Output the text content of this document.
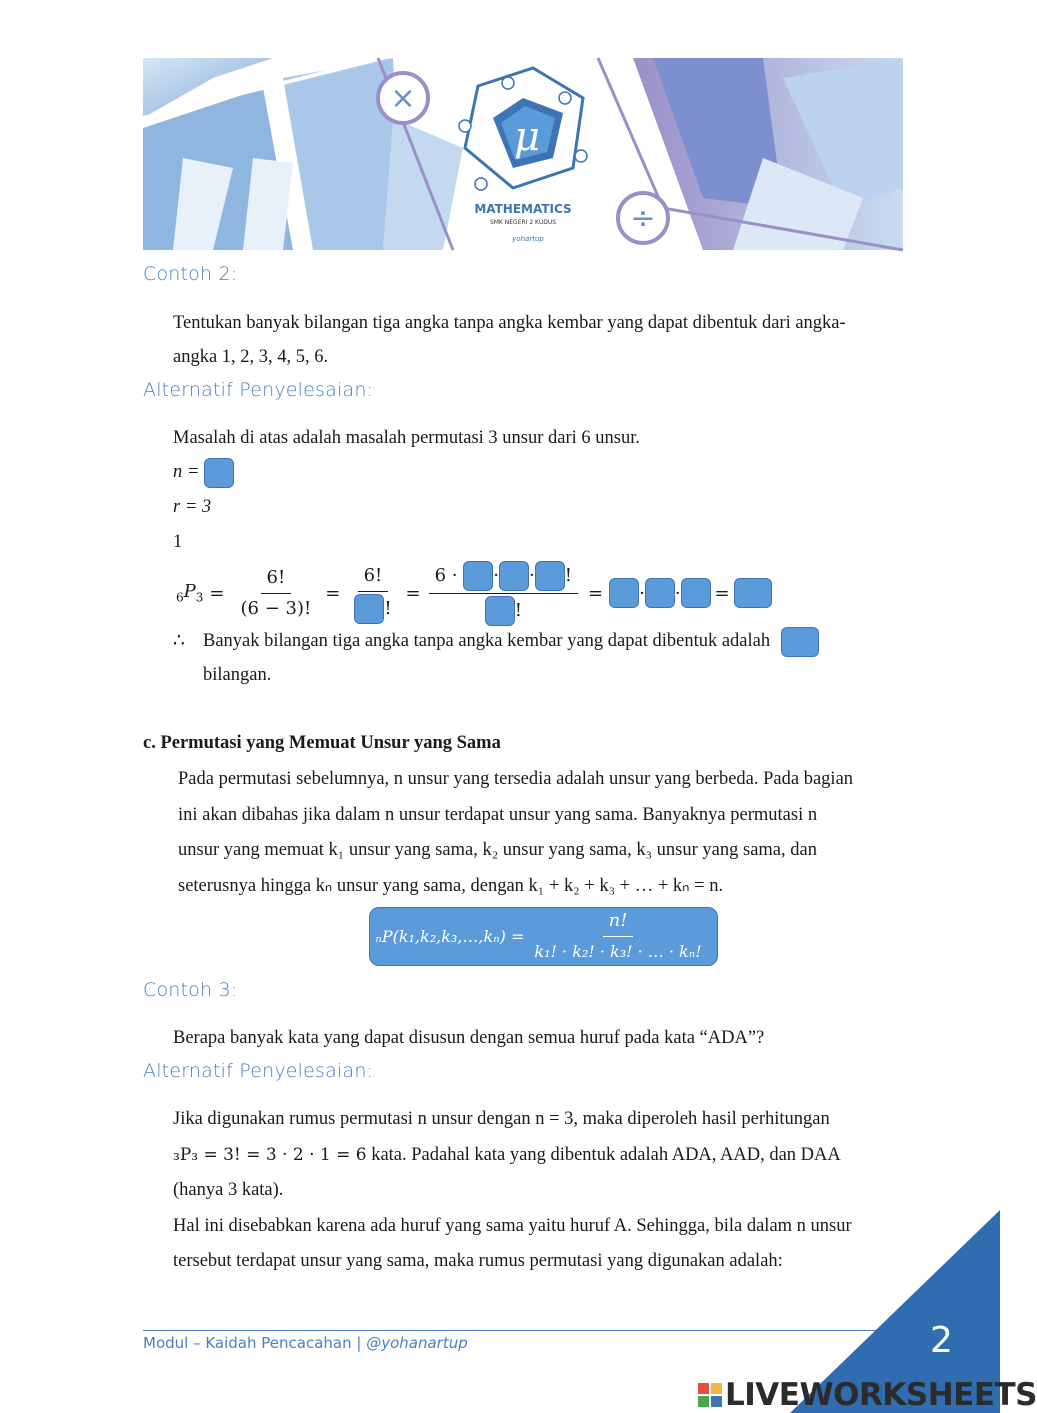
×
÷
μ
MATHEMATICS
SMK NEGERI 2 KUDUS
yohartup
Contoh 2:
Tentukan banyak bilangan tiga angka tanpa angka kembar yang dapat dibentuk dari angka-
angka 1, 2, 3, 4, 5, 6.
Alternatif Penyelesaian:
Masalah di atas adalah masalah permutasi 3 unsur dari 6 unsur.
n =
r = 3
1
$_6P_3 = \frac{6!}{(6 - 3)!} = \frac{6!}{!} = \frac{6 \cdot \cdot \cdot !}{!}$ = · · =
∴ Banyak bilangan tiga angka tanpa angka kembar yang dapat dibentuk adalah
bilangan.
c. Permutasi yang Memuat Unsur yang Sama
Pada permutasi sebelumnya, n unsur yang tersedia adalah unsur yang berbeda. Pada bagian
ini akan dibahas jika dalam n unsur terdapat unsur yang sama. Banyaknya permutasi n
unsur yang memuat k₁ unsur yang sama, k₂ unsur yang sama, k₃ unsur yang sama, dan
seterusnya hingga kₙ unsur yang sama, dengan k₁ + k₂ + k₃ + … + kₙ = n.
ₙP(k₁,k₂,k₃,…,kₙ) = $\frac{n!}{\text{k₁! · k₂! · k₃! · … · kₙ!}}$
Contoh 3:
Berapa banyak kata yang dapat disusun dengan semua huruf pada kata “ADA”?
Alternatif Penyelesaian:
Jika digunakan rumus permutasi n unsur dengan n = 3, maka diperoleh hasil perhitungan
₃P₃ = 3! = 3 · 2 · 1 = 6 kata. Padahal kata yang dibentuk adalah ADA, AAD, dan DAA
(hanya 3 kata).
Hal ini disebabkan karena ada huruf yang sama yaitu huruf A. Sehingga, bila dalam n unsur
tersebut terdapat unsur yang sama, maka rumus permutasi yang digunakan adalah:
Modul – Kaidah Pencacahan | @yohanartup	2
LIVEWORKSHEETS
